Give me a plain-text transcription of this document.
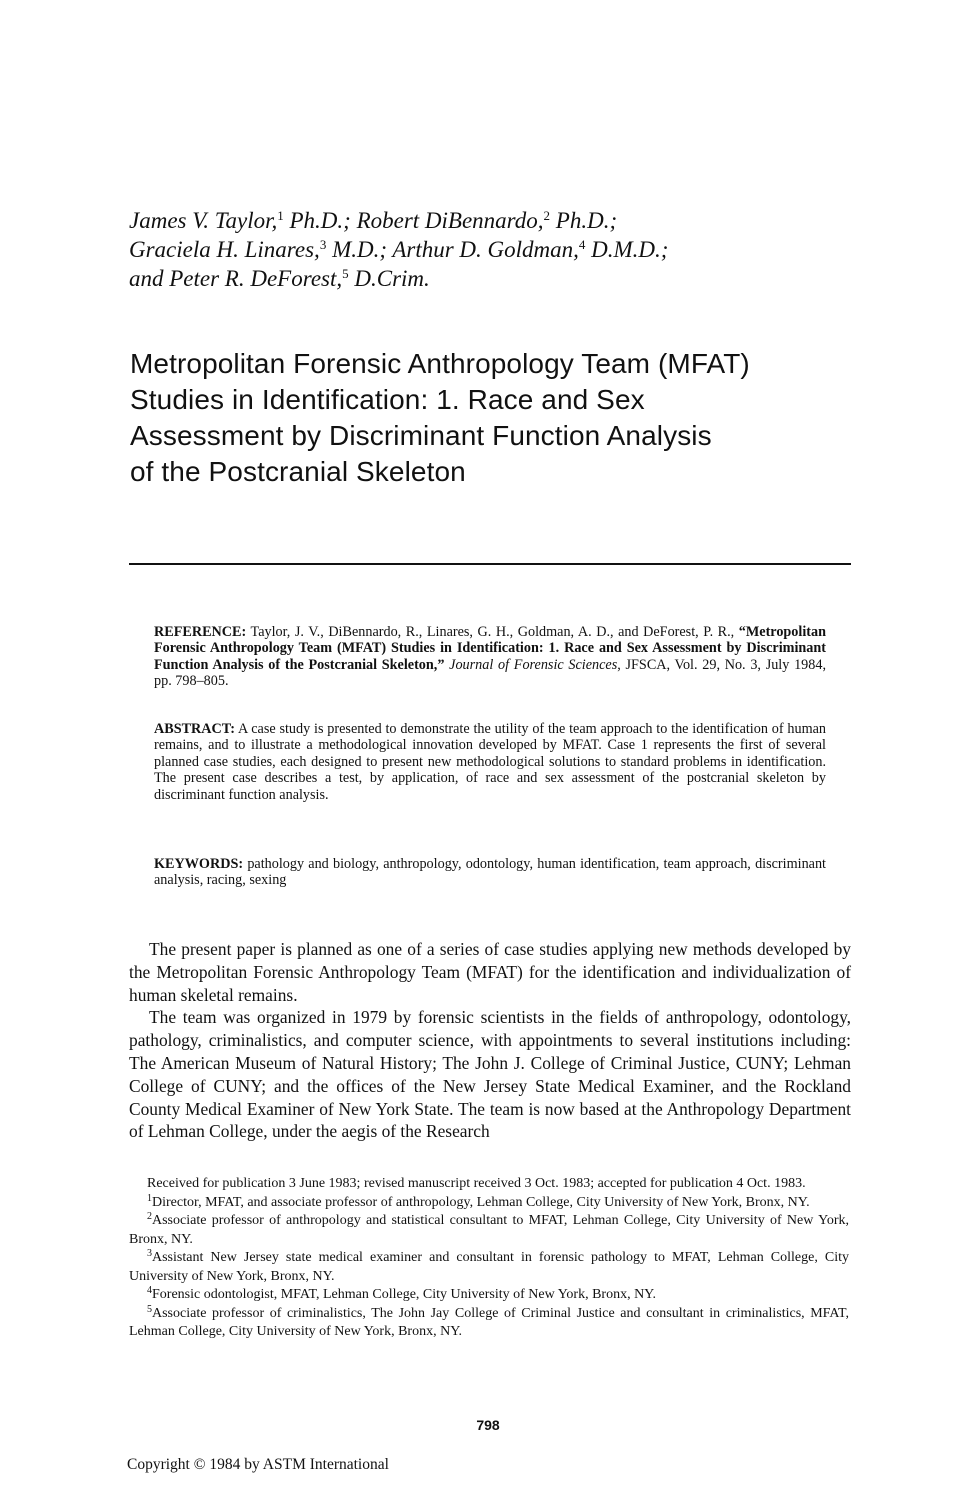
James V. Taylor,$^1$ Ph.D.; Robert DiBennardo,$^2$ Ph.D.;
Graciela H. Linares,$^3$ M.D.; Arthur D. Goldman,$^4$ D.M.D.;
and Peter R. DeForest,$^5$ D.Crim.
Metropolitan Forensic Anthropology Team (MFAT)
Studies in Identification: 1. Race and Sex
Assessment by Discriminant Function Analysis
of the Postcranial Skeleton
REFERENCE: Taylor, J. V., DiBennardo, R., Linares, G. H., Goldman, A. D., and DeForest, P. R., “Metropolitan Forensic Anthropology Team (MFAT) Studies in Identification: 1. Race and Sex Assessment by Discriminant Function Analysis of the Postcranial Skeleton,” Journal of Forensic Sciences, JFSCA, Vol. 29, No. 3, July 1984, pp. 798–805.
ABSTRACT: A case study is presented to demonstrate the utility of the team approach to the identification of human remains, and to illustrate a methodological innovation developed by MFAT. Case 1 represents the first of several planned case studies, each designed to present new methodological solutions to standard problems in identification. The present case describes a test, by application, of race and sex assessment of the postcranial skeleton by discriminant function analysis.
KEYWORDS: pathology and biology, anthropology, odontology, human identification, team approach, discriminant analysis, racing, sexing

The present paper is planned as one of a series of case studies applying new methods developed by the Metropolitan Forensic Anthropology Team (MFAT) for the identification and individualization of human skeletal remains.

The team was organized in 1979 by forensic scientists in the fields of anthropology, odontology, pathology, criminalistics, and computer science, with appointments to several institutions including: The American Museum of Natural History; The John J. College of Criminal Justice, CUNY; Lehman College of CUNY; and the offices of the New Jersey State Medical Examiner, and the Rockland County Medical Examiner of New York State. The team is now based at the Anthropology Department of Lehman College, under the aegis of the Research

Received for publication 3 June 1983; revised manuscript received 3 Oct. 1983; accepted for publication 4 Oct. 1983.

$^1$Director, MFAT, and associate professor of anthropology, Lehman College, City University of New York, Bronx, NY.

$^2$Associate professor of anthropology and statistical consultant to MFAT, Lehman College, City University of New York, Bronx, NY.

$^3$Assistant New Jersey state medical examiner and consultant in forensic pathology to MFAT, Lehman College, City University of New York, Bronx, NY.

$^4$Forensic odontologist, MFAT, Lehman College, City University of New York, Bronx, NY.

$^5$Associate professor of criminalistics, The John Jay College of Criminal Justice and consultant in criminalistics, MFAT, Lehman College, City University of New York, Bronx, NY.

798
Copyright © 1984 by ASTM International
